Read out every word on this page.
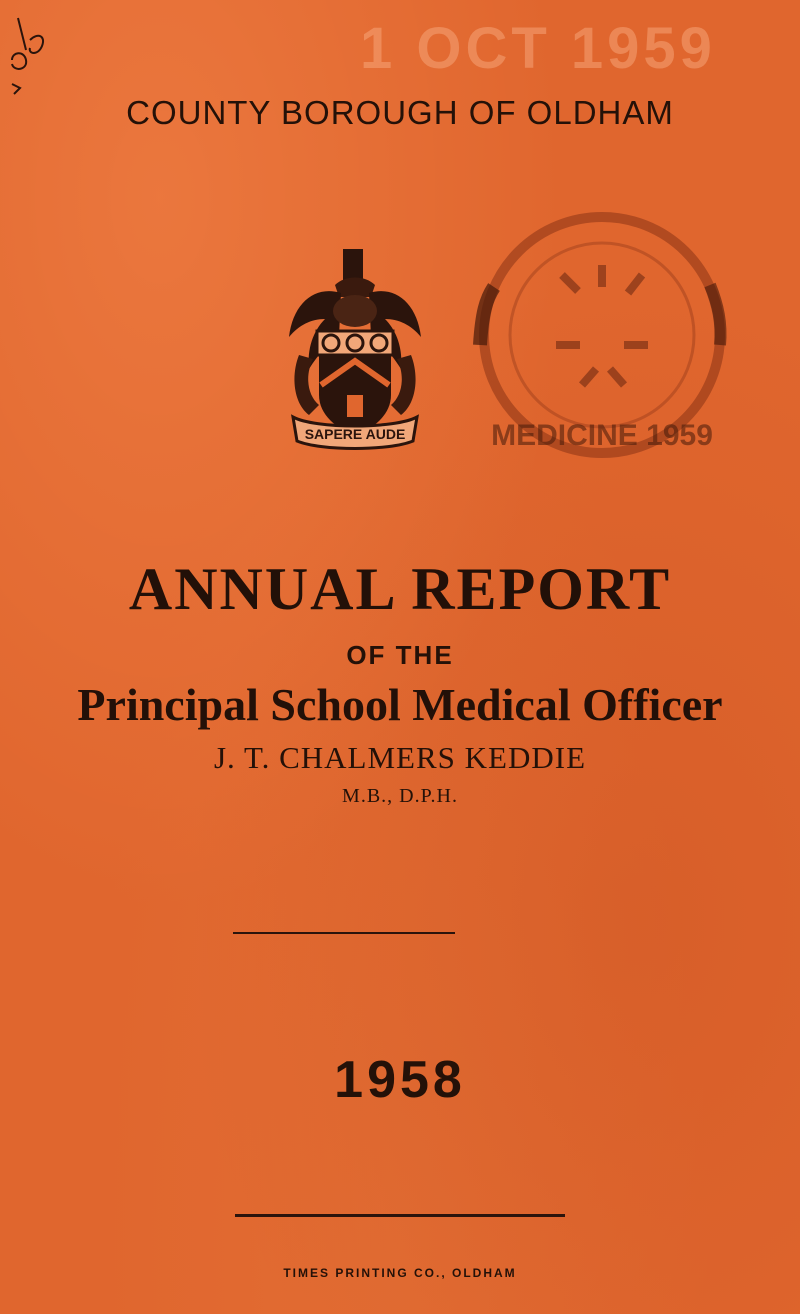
1 OCT 1959
COUNTY BOROUGH OF OLDHAM
SAPERE AUDE	MEDICINE 1959
ANNUAL REPORT
OF THE
Principal School Medical Officer
J. T. CHALMERS KEDDIE
M.B., D.P.H.
1958
TIMES PRINTING CO., OLDHAM
